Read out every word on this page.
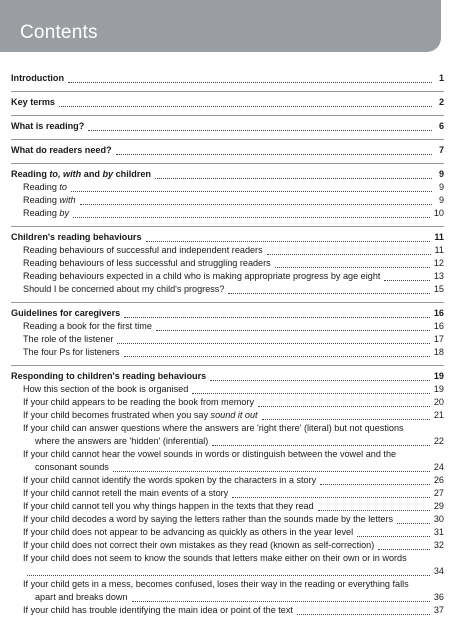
Contents
Introduction	1
Key terms	2
What is reading?	6
What do readers need?	7
Reading to, with and by children	9
Reading to	9
Reading with	9
Reading by	10
Children's reading behaviours	11
Reading behaviours of successful and independent readers	11
Reading behaviours of less successful and struggling readers	12
Reading behaviours expected in a child who is making appropriate progress by age eight	13
Should I be concerned about my child's progress?	15
Guidelines for caregivers	16
Reading a book for the first time	16
The role of the listener	17
The four Ps for listeners	18
Responding to children's reading behaviours	19
How this section of the book is organised	19
If your child appears to be reading the book from memory	20
If your child becomes frustrated when you say sound it out	21
If your child can answer questions where the answers are 'right there' (literal) but not questions
where the answers are 'hidden' (inferential)	22
If your child cannot hear the vowel sounds in words or distinguish between the vowel and the
consonant sounds	24
If your child cannot identify the words spoken by the characters in a story	26
If your child cannot retell the main events of a story	27
If your child cannot tell you why things happen in the texts that they read	29
If your child decodes a word by saying the letters rather than the sounds made by the letters	30
If your child does not appear to be advancing as quickly as others in the year level	31
If your child does not correct their own mistakes as they read (known as self-correction)	32
If your child does not seem to know the sounds that letters make either on their own or in words
34
If your child gets in a mess, becomes confused, loses their way in the reading or everything falls
apart and breaks down	36
If your child has trouble identifying the main idea or point of the text	37
